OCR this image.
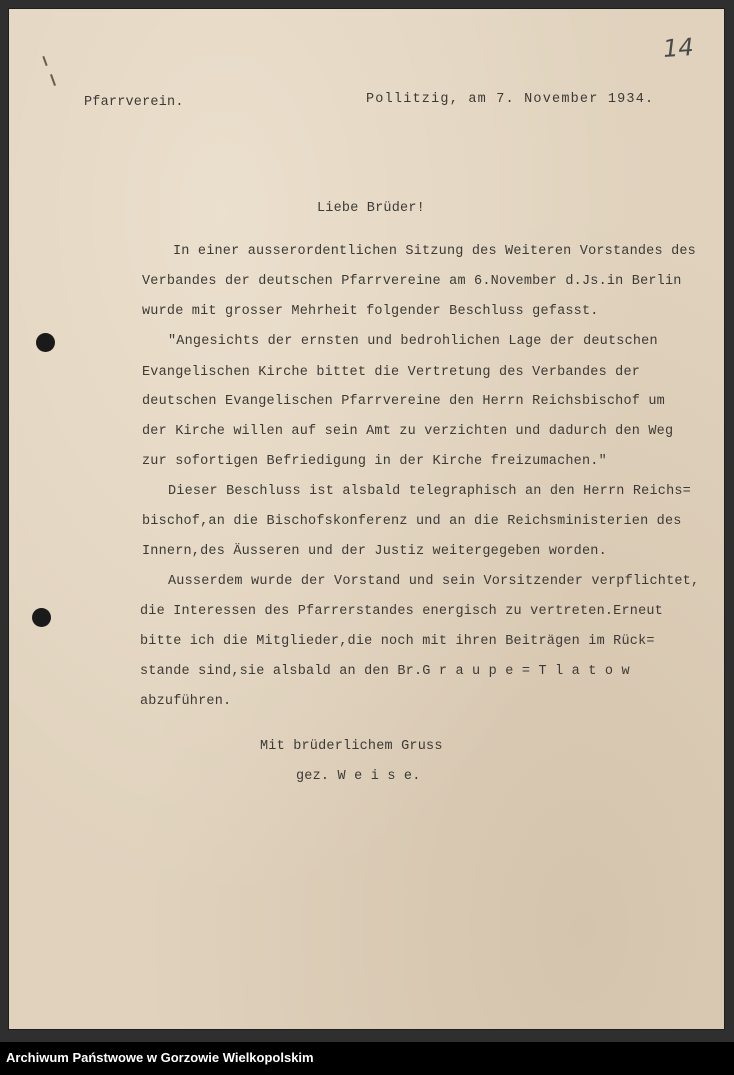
14
Pfarrverein.	Pollitzig, am 7. November 1934.
Liebe Brüder!
In einer ausserordentlichen Sitzung des Weiteren Vorstandes des
Verbandes der deutschen Pfarrvereine am 6.November d.Js.in Berlin
wurde mit grosser Mehrheit folgender Beschluss gefasst.
"Angesichts der ernsten und bedrohlichen Lage der deutschen
Evangelischen Kirche bittet die Vertretung des Verbandes der
deutschen Evangelischen Pfarrvereine den Herrn Reichsbischof um
der Kirche willen auf sein Amt zu verzichten und dadurch den Weg
zur sofortigen Befriedigung in der Kirche freizumachen."
Dieser Beschluss ist alsbald telegraphisch an den Herrn Reichs=
bischof,an die Bischofskonferenz und an die Reichsministerien des
Innern,des Äusseren und der Justiz weitergegeben worden.
Ausserdem wurde der Vorstand und sein Vorsitzender verpflichtet,
die Interessen des Pfarrerstandes energisch zu vertreten.Erneut
bitte ich die Mitglieder,die noch mit ihren Beiträgen im Rück=
stande sind,sie alsbald an den Br.G r a u p e = T l a t o w
abzuführen.
Mit brüderlichem Gruss
gez. W e i s e.
Archiwum Państwowe w Gorzowie Wielkopolskim
